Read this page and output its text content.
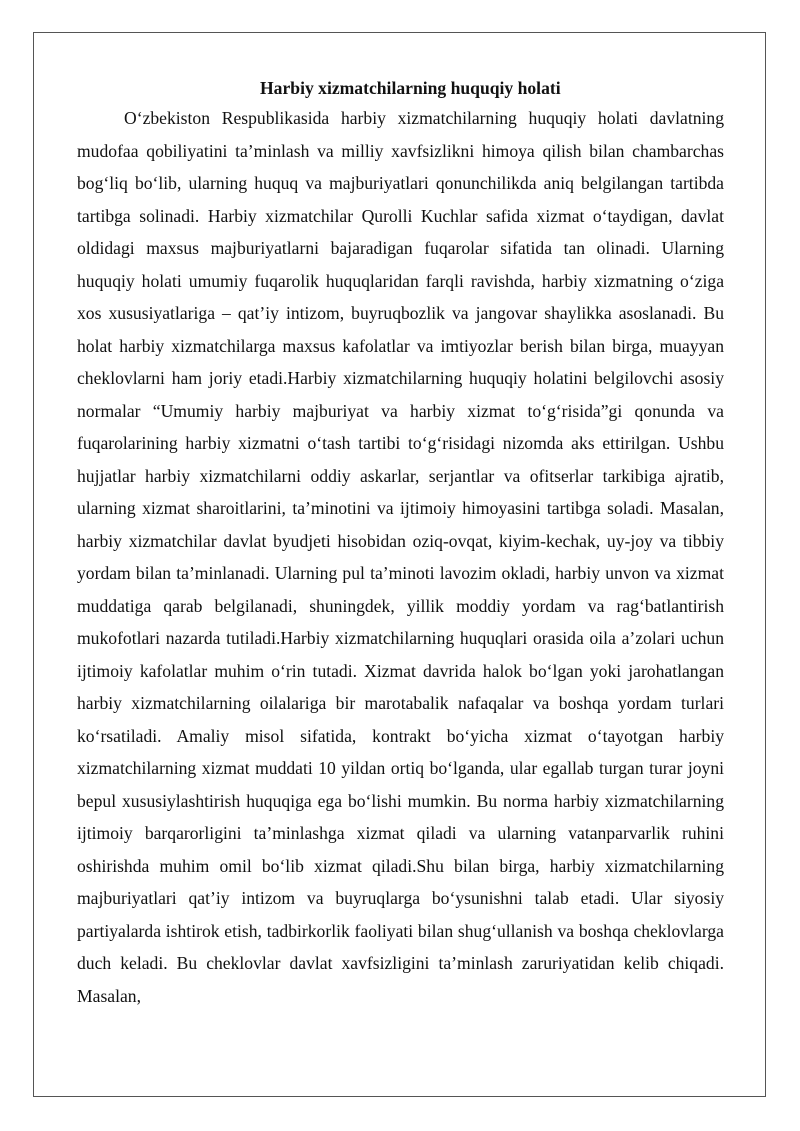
Harbiy xizmatchilarning huquqiy holati

O‘zbekiston Respublikasida harbiy xizmatchilarning huquqiy holati davlatning mudofaa qobiliyatini ta’minlash va milliy xavfsizlikni himoya qilish bilan chambarchas bog‘liq bo‘lib, ularning huquq va majburiyatlari qonunchilikda aniq belgilangan tartibda tartibga solinadi. Harbiy xizmatchilar Qurolli Kuchlar safida xizmat o‘taydigan, davlat oldidagi maxsus majburiyatlarni bajaradigan fuqarolar sifatida tan olinadi. Ularning huquqiy holati umumiy fuqarolik huquqlaridan farqli ravishda, harbiy xizmatning o‘ziga xos xususiyatlariga – qat’iy intizom, buyruqbozlik va jangovar shaylikka asoslanadi. Bu holat harbiy xizmatchilarga maxsus kafolatlar va imtiyozlar berish bilan birga, muayyan cheklovlarni ham joriy etadi.Harbiy xizmatchilarning huquqiy holatini belgilovchi asosiy normalar “Umumiy harbiy majburiyat va harbiy xizmat to‘g‘risida”gi qonunda va fuqarolarining harbiy xizmatni o‘tash tartibi to‘g‘risidagi nizomda aks ettirilgan. Ushbu hujjatlar harbiy xizmatchilarni oddiy askarlar, serjantlar va ofitserlar tarkibiga ajratib, ularning xizmat sharoitlarini, ta’minotini va ijtimoiy himoyasini tartibga soladi. Masalan, harbiy xizmatchilar davlat byudjeti hisobidan oziq-ovqat, kiyim-kechak, uy-joy va tibbiy yordam bilan ta’minlanadi. Ularning pul ta’minoti lavozim okladi, harbiy unvon va xizmat muddatiga qarab belgilanadi, shuningdek, yillik moddiy yordam va rag‘batlantirish mukofotlari nazarda tutiladi.Harbiy xizmatchilarning huquqlari orasida oila a’zolari uchun ijtimoiy kafolatlar muhim o‘rin tutadi. Xizmat davrida halok bo‘lgan yoki jarohatlangan harbiy xizmatchilarning oilalariga bir marotabalik nafaqalar va boshqa yordam turlari ko‘rsatiladi. Amaliy misol sifatida, kontrakt bo‘yicha xizmat o‘tayotgan harbiy xizmatchilarning xizmat muddati 10 yildan ortiq bo‘lganda, ular egallab turgan turar joyni bepul xususiylashtirish huquqiga ega bo‘lishi mumkin. Bu norma harbiy xizmatchilarning ijtimoiy barqarorligini ta’minlashga xizmat qiladi va ularning vatanparvarlik ruhini oshirishda muhim omil bo‘lib xizmat qiladi.Shu bilan birga, harbiy xizmatchilarning majburiyatlari qat’iy intizom va buyruqlarga bo‘ysunishni talab etadi. Ular siyosiy partiyalarda ishtirok etish, tadbirkorlik faoliyati bilan shug‘ullanish va boshqa cheklovlarga duch keladi. Bu cheklovlar davlat xavfsizligini ta’minlash zaruriyatidan kelib chiqadi. Masalan,
